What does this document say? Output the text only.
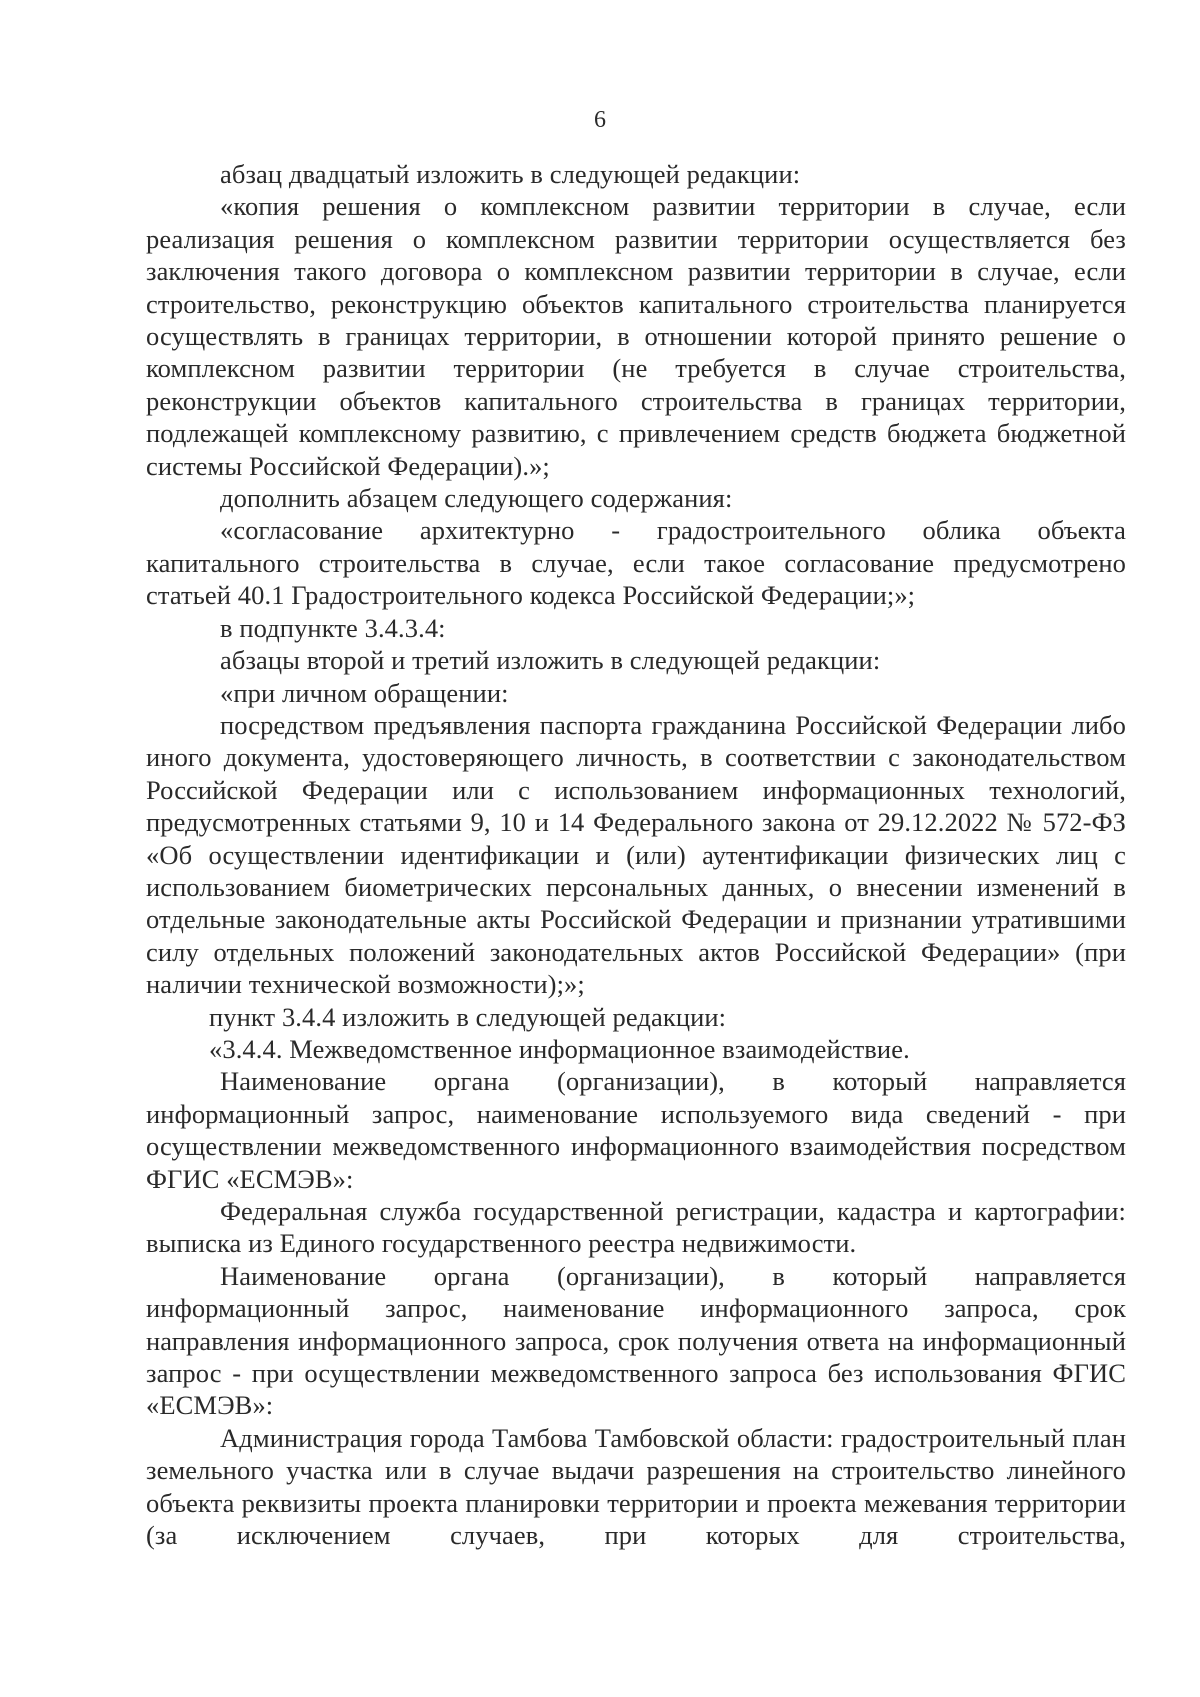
6

абзац двадцатый изложить в следующей редакции:

«копия решения о комплексном развитии территории в случае, если реализация решения о комплексном развитии территории осуществляется без заключения такого договора о комплексном развитии территории в случае, если строительство, реконструкцию объектов капитального строительства планируется осуществлять в границах территории, в отношении которой принято решение о комплексном развитии территории (не требуется в случае строительства, реконструкции объектов капитального строительства в границах территории, подлежащей комплексному развитию, с привлечением средств бюджета бюджетной системы Российской Федерации).»;

дополнить абзацем следующего содержания:

«согласование архитектурно - градостроительного облика объекта капитального строительства в случае, если такое согласование предусмотрено статьей 40.1 Градостроительного кодекса Российской Федерации;»;

в подпункте 3.4.3.4:

абзацы второй и третий изложить в следующей редакции:

«при личном обращении:

посредством предъявления паспорта гражданина Российской Федерации либо иного документа, удостоверяющего личность, в соответствии с законодательством Российской Федерации или с использованием информационных технологий, предусмотренных статьями 9, 10 и 14 Федерального закона от 29.12.2022 № 572-ФЗ «Об осуществлении идентификации и (или) аутентификации физических лиц с использованием биометрических персональных данных, о внесении изменений в отдельные законодательные акты Российской Федерации и признании утратившими силу отдельных положений законодательных актов Российской Федерации» (при наличии технической возможности);»;

пункт 3.4.4 изложить в следующей редакции:

«3.4.4. Межведомственное информационное взаимодействие.

Наименование органа (организации), в который направляется информационный запрос, наименование используемого вида сведений - при осуществлении межведомственного информационного взаимодействия посредством ФГИС «ЕСМЭВ»:

Федеральная служба государственной регистрации, кадастра и картографии: выписка из Единого государственного реестра недвижимости.

Наименование органа (организации), в который направляется информационный запрос, наименование информационного запроса, срок направления информационного запроса, срок получения ответа на информационный запрос - при осуществлении межведомственного запроса без использования ФГИС «ЕСМЭВ»:

Администрация города Тамбова Тамбовской области: градостроительный план земельного участка или в случае выдачи разрешения на строительство линейного объекта реквизиты проекта планировки территории и проекта межевания территории (за исключением случаев, при которых для строительства,
